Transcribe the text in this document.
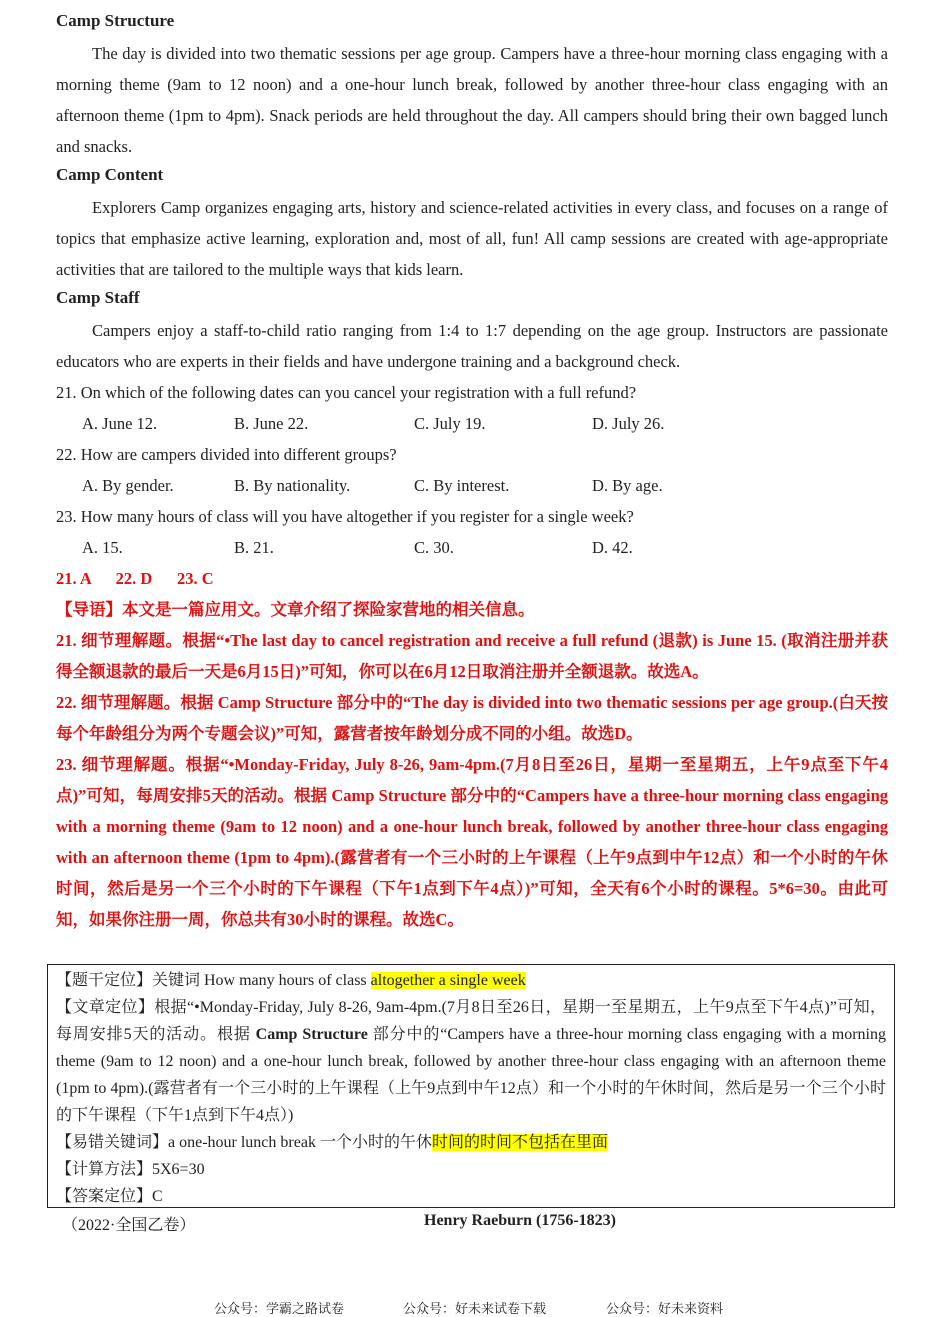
Camp Structure
The day is divided into two thematic sessions per age group. Campers have a three-hour morning class engaging with a morning theme (9am to 12 noon) and a one-hour lunch break, followed by another three-hour class engaging with an afternoon theme (1pm to 4pm). Snack periods are held throughout the day. All campers should bring their own bagged lunch and snacks.
Camp Content
Explorers Camp organizes engaging arts, history and science-related activities in every class, and focuses on a range of topics that emphasize active learning, exploration and, most of all, fun! All camp sessions are created with age-appropriate activities that are tailored to the multiple ways that kids learn.
Camp Staff
Campers enjoy a staff-to-child ratio ranging from 1:4 to 1:7 depending on the age group. Instructors are passionate educators who are experts in their fields and have undergone training and a background check.
21. On which of the following dates can you cancel your registration with a full refund?
A. June 12.	B. June 22.	C. July 19.	D. July 26.
22. How are campers divided into different groups?
A. By gender.	B. By nationality.	C. By interest.	D. By age.
23. How many hours of class will you have altogether if you register for a single week?
A. 15.	B. 21.	C. 30.	D. 42.
21. A      22. D      23. C
【导语】本文是一篇应用文。文章介绍了探险家营地的相关信息。
21. 细节理解题。根据“•The last day to cancel registration and receive a full refund (退款) is June 15. (取消注册并获得全额退款的最后一天是6月15日)”可知，你可以在6月12日取消注册并全额退款。故选A。
22. 细节理解题。根据 Camp Structure 部分中的“The day is divided into two thematic sessions per age group.(白天按每个年龄组分为两个专题会议)”可知，露营者按年龄划分成不同的小组。故选D。
23. 细节理解题。根据“•Monday-Friday, July 8-26, 9am-4pm.(7月8日至26日，星期一至星期五，上午9点至下午4点)”可知，每周安排5天的活动。根据 Camp Structure 部分中的“Campers have a three-hour morning class engaging with a morning theme (9am to 12 noon) and a one-hour lunch break, followed by another three-hour class engaging with an afternoon theme (1pm to 4pm).(露营者有一个三小时的上午课程（上午9点到中午12点）和一个小时的午休时间，然后是另一个三个小时的下午课程（下午1点到下午4点）)”可知，全天有6个小时的课程。5*6=30。由此可知，如果你注册一周，你总共有30小时的课程。故选C。
【题干定位】关键词 How many hours of class altogether a single week
【文章定位】根据“•Monday-Friday, July 8-26, 9am-4pm.(7月8日至26日，星期一至星期五，上午9点至下午4点)”可知，每周安排5天的活动。根据 Camp Structure 部分中的“Campers have a three-hour morning class engaging with a morning theme (9am to 12 noon) and a one-hour lunch break, followed by another three-hour class engaging with an afternoon theme (1pm to 4pm).(露营者有一个三小时的上午课程（上午9点到中午12点）和一个小时的午休时间，然后是另一个三个小时的下午课程（下午1点到下午4点）)
【易错关键词】a one-hour lunch break 一个小时的午休时间的时间不包括在里面
【计算方法】5X6=30
【答案定位】C
（2022·全国乙卷）	Henry Raeburn (1756-1823)
公众号：学霸之路试卷	公众号：好未来试卷下载	公众号：好未来资料
